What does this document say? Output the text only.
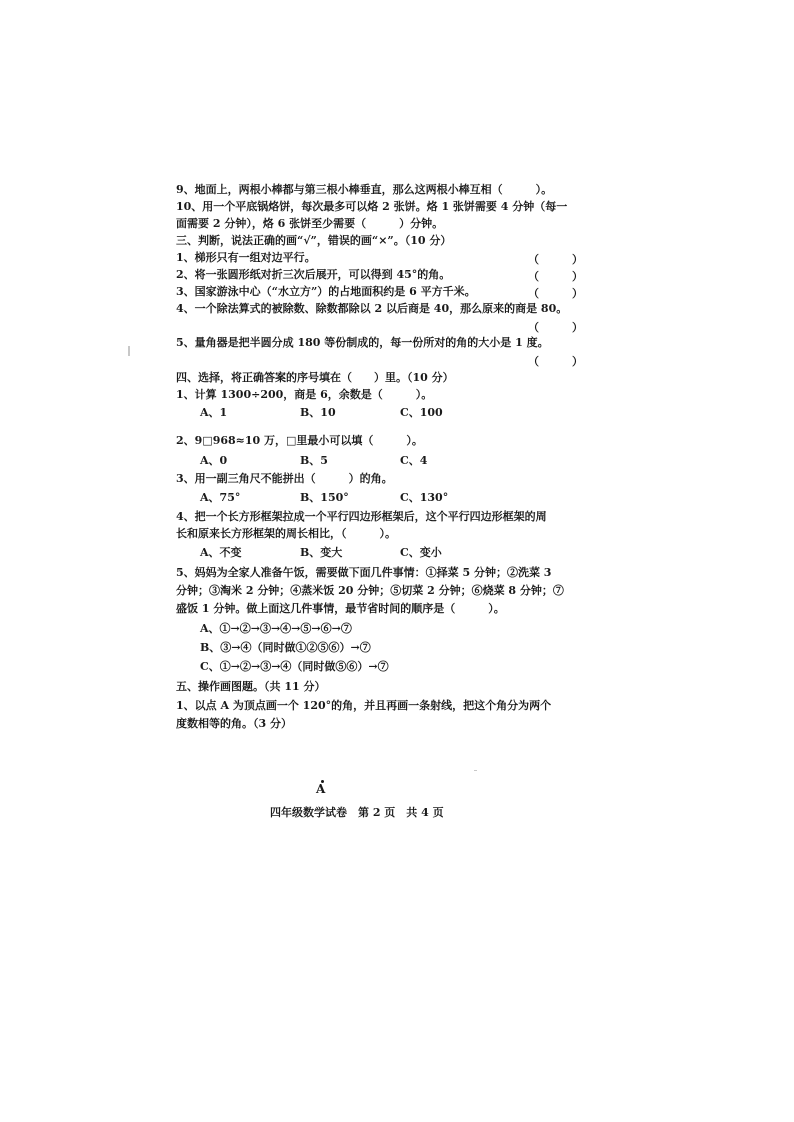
9、地面上，两根小棒都与第三根小棒垂直，那么这两根小棒互相（　　　）。
10、用一个平底锅烙饼，每次最多可以烙 2 张饼。烙 1 张饼需要 4 分钟（每一
面需要 2 分钟），烙 6 张饼至少需要（　　　）分钟。
三、判断，说法正确的画“√”，错误的画“×”。（10 分）
1、梯形只有一组对边平行。	（　　　）
2、将一张圆形纸对折三次后展开，可以得到 45°的角。	（　　　）
3、国家游泳中心（“水立方”）的占地面积约是 6 平方千米。	（　　　）
4、一个除法算式的被除数、除数都除以 2 以后商是 40，那么原来的商是 80。
（　　　）
5、量角器是把半圆分成 180 等份制成的，每一份所对的角的大小是 1 度。
（　　　）
四、选择，将正确答案的序号填在（　　）里。（10 分）
1、计算 1300÷200，商是 6，余数是（　　　）。
A、1	B、10	C、100
2、9□968≈10 万，□里最小可以填（　　　）。
A、0	B、5	C、4
3、用一副三角尺不能拼出（　　　）的角。
A、75°	B、150°	C、130°
4、把一个长方形框架拉成一个平行四边形框架后，这个平行四边形框架的周
长和原来长方形框架的周长相比，（　　　）。
A、不变	B、变大	C、变小
5、妈妈为全家人准备午饭，需要做下面几件事情：①择菜 5 分钟；②洗菜 3
分钟；③淘米 2 分钟；④蒸米饭 20 分钟；⑤切菜 2 分钟；⑥烧菜 8 分钟；⑦
盛饭 1 分钟。做上面这几件事情，最节省时间的顺序是（　　　）。
A、①→②→③→④→⑤→⑥→⑦
B、③→④（同时做①②⑤⑥）→⑦
C、①→②→③→④（同时做⑤⑥）→⑦
五、操作画图题。（共 11 分）
1、以点 A 为顶点画一个 120°的角，并且再画一条射线，把这个角分为两个
度数相等的角。（3 分）
A
四年级数学试卷　第 2 页　共 4 页
